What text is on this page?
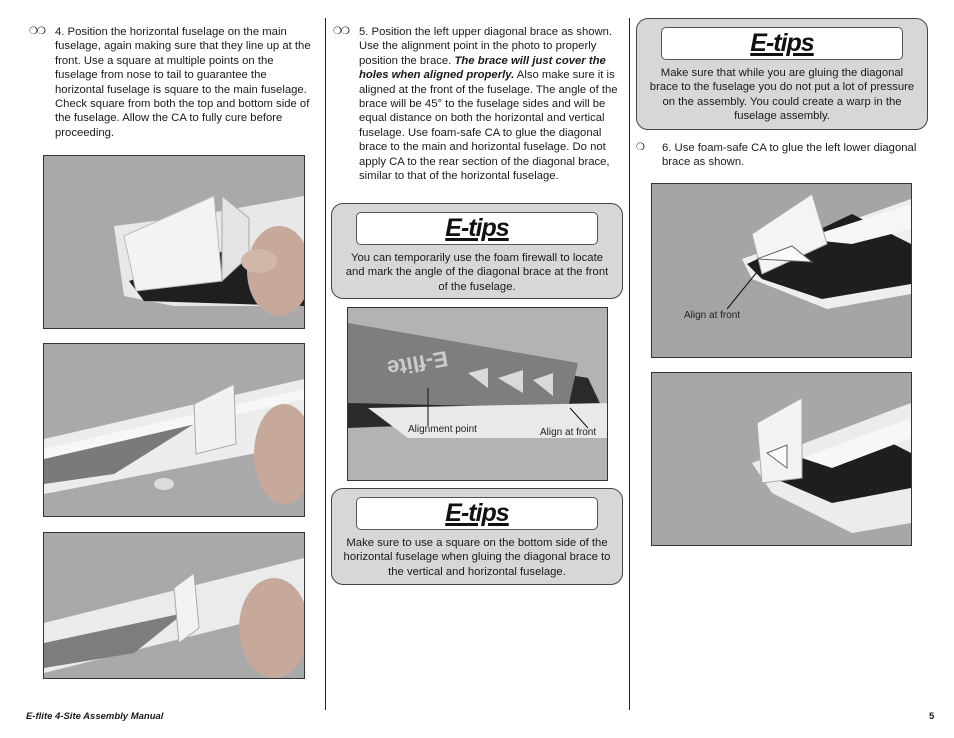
❍❍ 4. Position the horizontal fuselage on the main fuselage, again making sure that they line up at the front. Use a square at multiple points on the fuselage from nose to tail to guarantee the horizontal fuselage is square to the main fuselage. Check square from both the top and bottom side of the fuselage. Allow the CA to fully cure before proceeding.
❍❍ 5. Position the left upper diagonal brace as shown. Use the alignment point in the photo to properly position the brace. The brace will just cover the holes when aligned properly. Also make sure it is aligned at the front of the fuselage. The angle of the brace will be 45° to the fuselage sides and will be equal distance on both the horizontal and vertical fuselage. Use foam-safe CA to glue the diagonal brace to the main and horizontal fuselage. Do not apply CA to the rear section of the diagonal brace, similar to that of the horizontal fuselage.
E-tips
You can temporarily use the foam firewall to locate and mark the angle of the diagonal brace at the front of the fuselage.
E-flite
Alignment point	Align at front
E-tips
Make sure to use a square on the bottom side of the horizontal fuselage when gluing the diagonal brace to the vertical and horizontal fuselage.
E-tips
Make sure that while you are gluing the diagonal brace to the fuselage you do not put a lot of pressure on the assembly. You could create a warp in the fuselage assembly.
❍ 6. Use foam-safe CA to glue the left lower diagonal brace as shown.
Align at front
E-flite 4-Site Assembly Manual	5
